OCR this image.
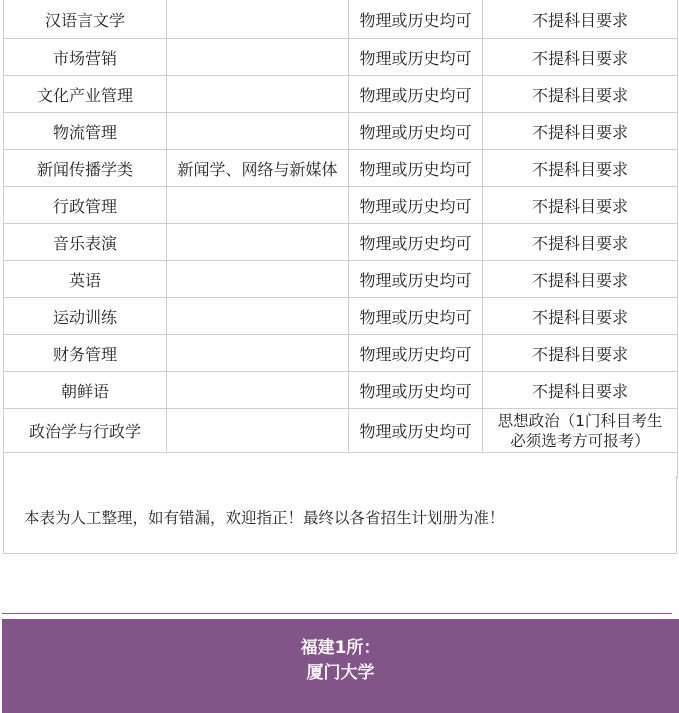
汉语言文学		物理或历史均可	不提科目要求
市场营销		物理或历史均可	不提科目要求
文化产业管理		物理或历史均可	不提科目要求
物流管理		物理或历史均可	不提科目要求
新闻传播学类	新闻学、网络与新媒体	物理或历史均可	不提科目要求
行政管理		物理或历史均可	不提科目要求
音乐表演		物理或历史均可	不提科目要求
英语		物理或历史均可	不提科目要求
运动训练		物理或历史均可	不提科目要求
财务管理		物理或历史均可	不提科目要求
朝鲜语		物理或历史均可	不提科目要求
政治学与行政学		物理或历史均可	思想政治（1门科目考生
必须选考方可报考）

本表为人工整理，如有错漏，欢迎指正！最终以各省招生计划册为准！
福建1所：
厦门大学
